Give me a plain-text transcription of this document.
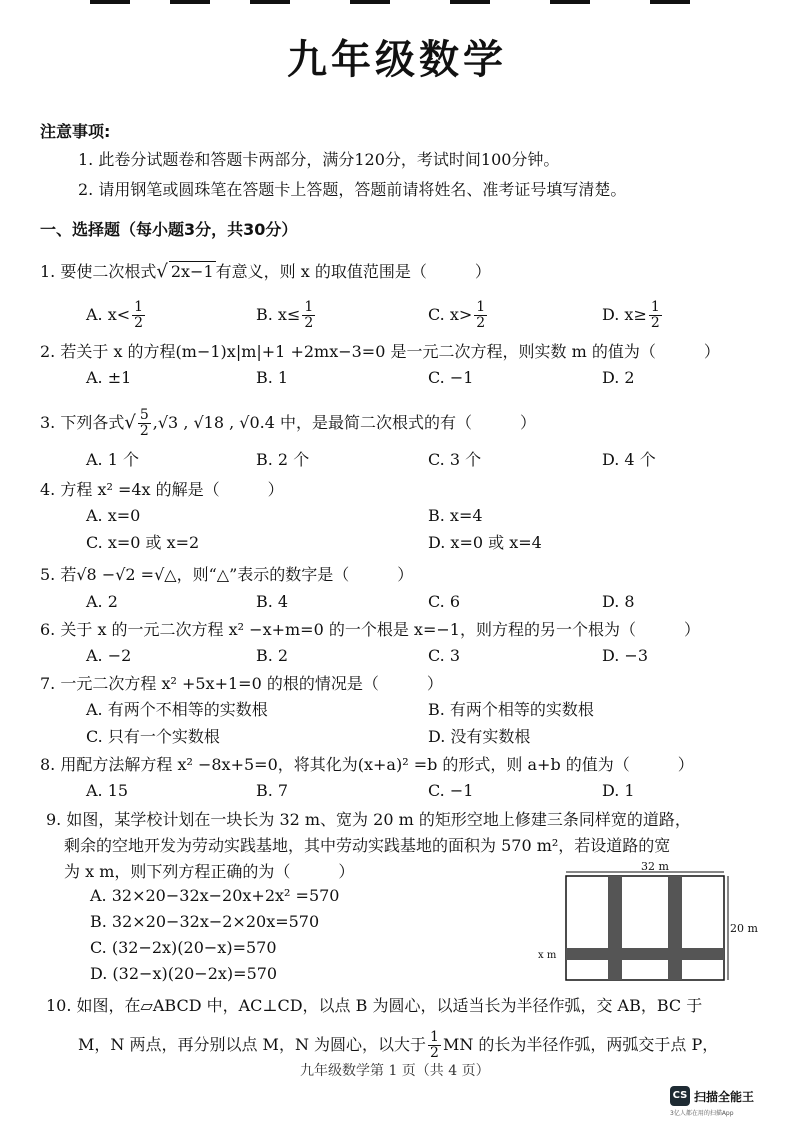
九年级数学
注意事项:
1. 此卷分试题卷和答题卡两部分，满分120分，考试时间100分钟。
2. 请用钢笔或圆珠笔在答题卡上答题，答题前请将姓名、准考证号填写清楚。
一、选择题（每小题3分，共30分）
1. 要使二次根式√ 2x−1 有意义，则 x 的取值范围是（　　　）
A. $x< \frac{1}{2}$	B. $x\le \frac{1}{2}$	C. $x> \frac{1}{2}$	D. $x\ge \frac{1}{2}$
2. 若关于 x 的方程(m−1)x|m|+1 +2mx−3=0 是一元二次方程，则实数 m 的值为（　　　）
A. ±1	B. 1	C. −1	D. 2
3. 下列各式√ $\frac{5}{2} ,√3$ , √18 , √0.4 中，是最简二次根式的有（　　　）
A. 1 个	B. 2 个	C. 3 个	D. 4 个
4. 方程 x² =4x 的解是（　　　）
A. x=0	B. x=4
C. x=0 或 x=2	D. x=0 或 x=4
5. 若√8 −√2 =√△，则“△”表示的数字是（　　　）
A. 2	B. 4	C. 6	D. 8
6. 关于 x 的一元二次方程 x² −x+m=0 的一个根是 x=−1，则方程的另一个根为（　　　）
A. −2	B. 2	C. 3	D. −3
7. 一元二次方程 x² +5x+1=0 的根的情况是（　　　）
A. 有两个不相等的实数根	B. 有两个相等的实数根
C. 只有一个实数根	D. 没有实数根
8. 用配方法解方程 x² −8x+5=0，将其化为(x+a)² =b 的形式，则 a+b 的值为（　　　）
A. 15	B. 7	C. −1	D. 1
9. 如图，某学校计划在一块长为 32 m、宽为 20 m 的矩形空地上修建三条同样宽的道路，
剩余的空地开发为劳动实践基地，其中劳动实践基地的面积为 570 m²，若设道路的宽
为 x m，则下列方程正确的为（　　　）
A. 32×20−32x−20x+2x² =570
B. 32×20−32x−2×20x=570
C. (32−2x)(20−x)=570
D. (32−x)(20−2x)=570
32 m
20 m
x m
10. 如图，在▱ABCD 中，AC⊥CD，以点 B 为圆心，以适当长为半径作弧，交 AB，BC 于
M，N 两点，再分别以点 M，N 为圆心，以大于 $\frac{1}{2}$ MN 的长为半径作弧，两弧交于点 P，
九年级数学第 1 页（共 4 页）
CS 扫描全能王
3亿人都在用的扫描App
